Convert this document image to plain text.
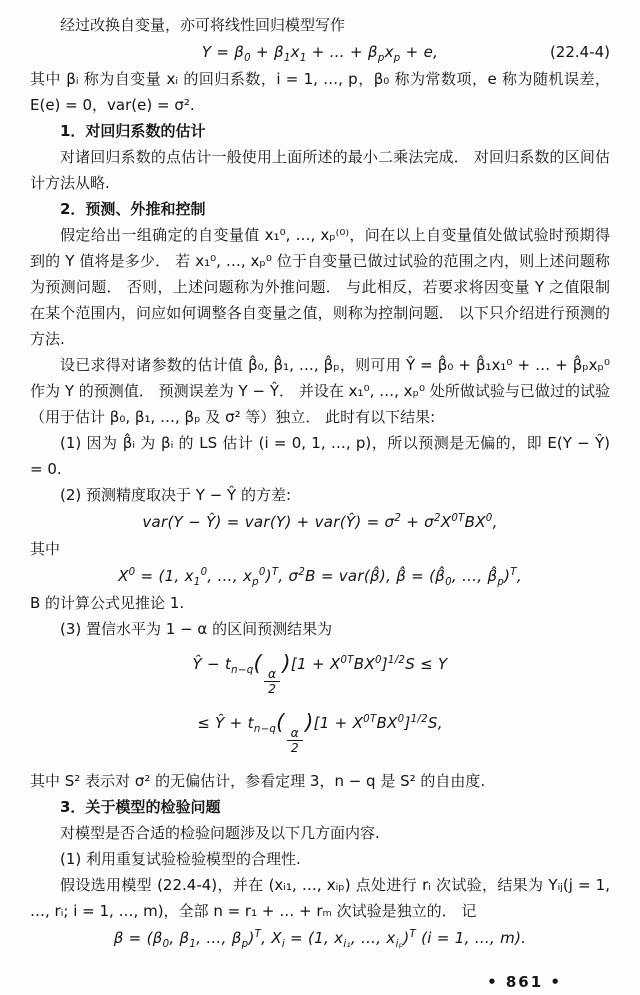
经过改换自变量，亦可将线性回归模型写作

$Y = \beta_0 + \beta_1x_1$ + … + $\beta_px_p + e$,	(22.4-4)

其中 βᵢ 称为自变量 xᵢ 的回归系数，i = 1, …, p，β₀ 称为常数项，e 称为随机误差，E(e) = 0，var(e) = σ².

1．对回归系数的估计

对诸回归系数的点估计一般使用上面所述的最小二乘法完成． 对回归系数的区间估计方法从略.

2．预测、外推和控制

假定给出一组确定的自变量值 x₁⁰, …, xₚ⁽⁰⁾，问在以上自变量值处做试验时预期得到的 Y 值将是多少． 若 x₁⁰, …, xₚ⁰ 位于自变量已做过试验的范围之内，则上述问题称为预测问题． 否则，上述问题称为外推问题． 与此相反，若要求将因变量 Y 之值限制在某个范围内，问应如何调整各自变量之值，则称为控制问题． 以下只介绍进行预测的方法.

设已求得对诸参数的估计值 β̂₀, β̂₁, …, β̂ₚ，则可用 Ŷ = β̂₀ + β̂₁x₁⁰ + … + β̂ₚxₚ⁰ 作为 Y 的预测值． 预测误差为 Y − Ŷ． 并设在 x₁⁰, …, xₚ⁰ 处所做试验与已做过的试验（用于估计 β₀, β₁, …, βₚ 及 σ² 等）独立． 此时有以下结果:

(1) 因为 β̂ᵢ 为 βᵢ 的 LS 估计 (i = 0, 1, …, p)，所以预测是无偏的，即 E(Y − Ŷ) = 0.

(2) 预测精度取决于 Y − Ŷ 的方差:

var(Y − Ŷ) = var(Y) + var(Ŷ) = $\sigma^2 + \sigma^2X^{0T}BX^0$,

其中

$X^0 = (1$, $x_1^0$, …, $x_p^0)^T$, $\sigma^2B$ = var(β̂), β̂ = ($\betâ_0$, …, $\betâ_p)^T$,

B 的计算公式见推论 1.

(3) 置信水平为 1 − α 的区间预测结果为

Ŷ − $t_{n-q}$(
$\frac{\alpha}{2}$
)$[1 + X^{0T}BX^0]^{1/2}S \le Y$
≤ Ŷ + $t_{n-q}$(
$\frac{\alpha}{2}$
)$[1 + X^{0T}BX^0]^{1/2}S$,

其中 S² 表示对 σ² 的无偏估计，参看定理 3，n − q 是 S² 的自由度.

3．关于模型的检验问题

对模型是否合适的检验问题涉及以下几方面内容.

(1) 利用重复试验检验模型的合理性.

假设选用模型 (22.4-4)，并在 (xᵢ₁, …, xᵢₚ) 点处进行 rᵢ 次试验，结果为 Yᵢⱼ(j = 1, …, rᵢ; i = 1, …, m)，全部 n = r₁ + … + rₘ 次试验是独立的． 记

$\beta = (\beta_0$, $\beta_1$, …, $\beta_p)^T$, $X_i = (1$, $x_{i_1}$, …, $x_{i_p})^T$ (i = 1, …, m).

• 861 •
